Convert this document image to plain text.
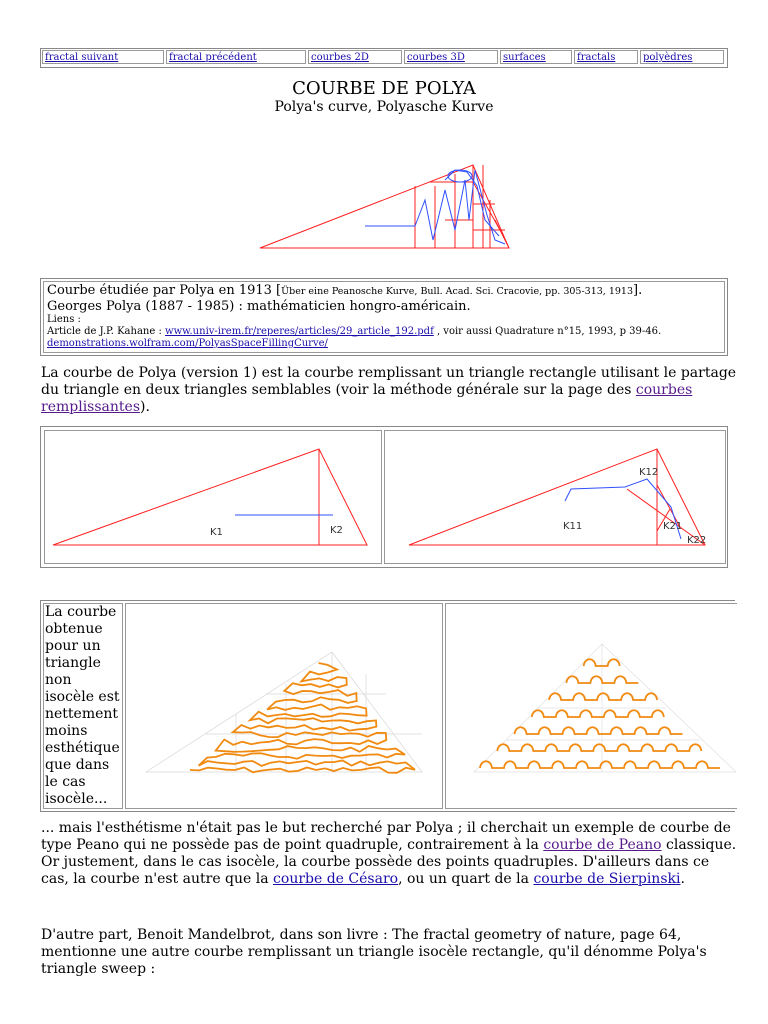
fractal suivant	fractal précédent	courbes 2D	courbes 3D	surfaces	fractals	polyèdres
COURBE DE POLYA
Polya's curve, Polyasche Kurve
Courbe étudiée par Polya en 1913 [Über eine Peanosche Kurve, Bull. Acad. Sci. Cracovie, pp. 305-313, 1913].
Georges Polya (1887 - 1985) : mathématicien hongro-américain.
Liens :
Article de J.P. Kahane : www.univ-irem.fr/reperes/articles/29_article_192.pdf , voir aussi Quadrature n°15, 1993, p 39-46.
demonstrations.wolfram.com/PolyasSpaceFillingCurve/
La courbe de Polya (version 1) est la courbe remplissant un triangle rectangle utilisant le partage du triangle en deux triangles semblables (voir la méthode générale sur la page des courbes remplissantes).
K1	K2
K12
K11	K21
K22
La courbe obtenue pour un triangle non isocèle est nettement moins esthétique que dans le cas isocèle...
... mais l'esthétisme n'était pas le but recherché par Polya ; il cherchait un exemple de courbe de type Peano qui ne possède pas de point quadruple, contrairement à la courbe de Peano classique. Or justement, dans le cas isocèle, la courbe possède des points quadruples. D'ailleurs dans ce cas, la courbe n'est autre que la courbe de Césaro, ou un quart de la courbe de Sierpinski.
D'autre part, Benoit Mandelbrot, dans son livre : The fractal geometry of nature, page 64, mentionne une autre courbe remplissant un triangle isocèle rectangle, qu'il dénomme Polya's triangle sweep :
